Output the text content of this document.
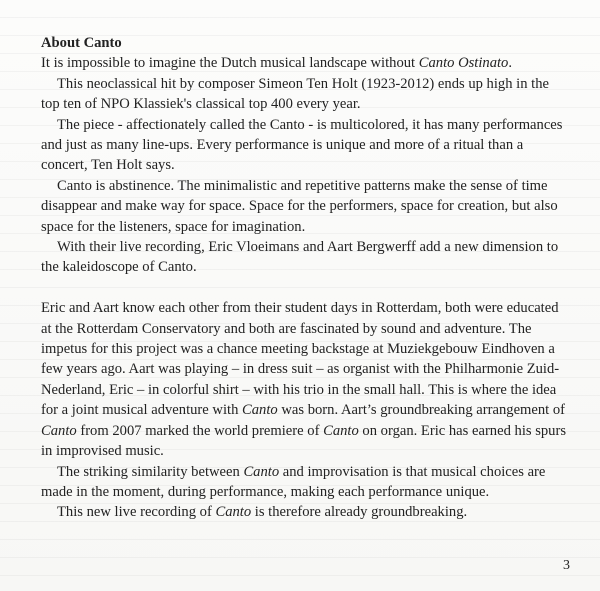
About Canto

It is impossible to imagine the Dutch musical landscape without Canto Ostinato.

This neoclassical hit by composer Simeon Ten Holt (1923-2012) ends up high in the top ten of NPO Klassiek's classical top 400 every year.

The piece - affectionately called the Canto - is multicolored, it has many performances and just as many line-ups. Every performance is unique and more of a ritual than a concert, Ten Holt says.

Canto is abstinence. The minimalistic and repetitive patterns make the sense of time disappear and make way for space. Space for the performers, space for creation, but also space for the listeners, space for imagination.

With their live recording, Eric Vloeimans and Aart Bergwerff add a new dimension to the kaleidoscope of Canto.

Eric and Aart know each other from their student days in Rotterdam, both were educated at the Rotterdam Conservatory and both are fascinated by sound and adventure. The impetus for this project was a chance meeting backstage at Muziekgebouw Eindhoven a few years ago. Aart was playing – in dress suit – as organist with the Philharmonie Zuid-Nederland, Eric – in colorful shirt – with his trio in the small hall. This is where the idea for a joint musical adventure with Canto was born. Aart’s groundbreaking arrangement of Canto from 2007 marked the world premiere of Canto on organ. Eric has earned his spurs in improvised music.

The striking similarity between Canto and improvisation is that musical choices are made in the moment, during performance, making each performance unique.

This new live recording of Canto is therefore already groundbreaking.

3
